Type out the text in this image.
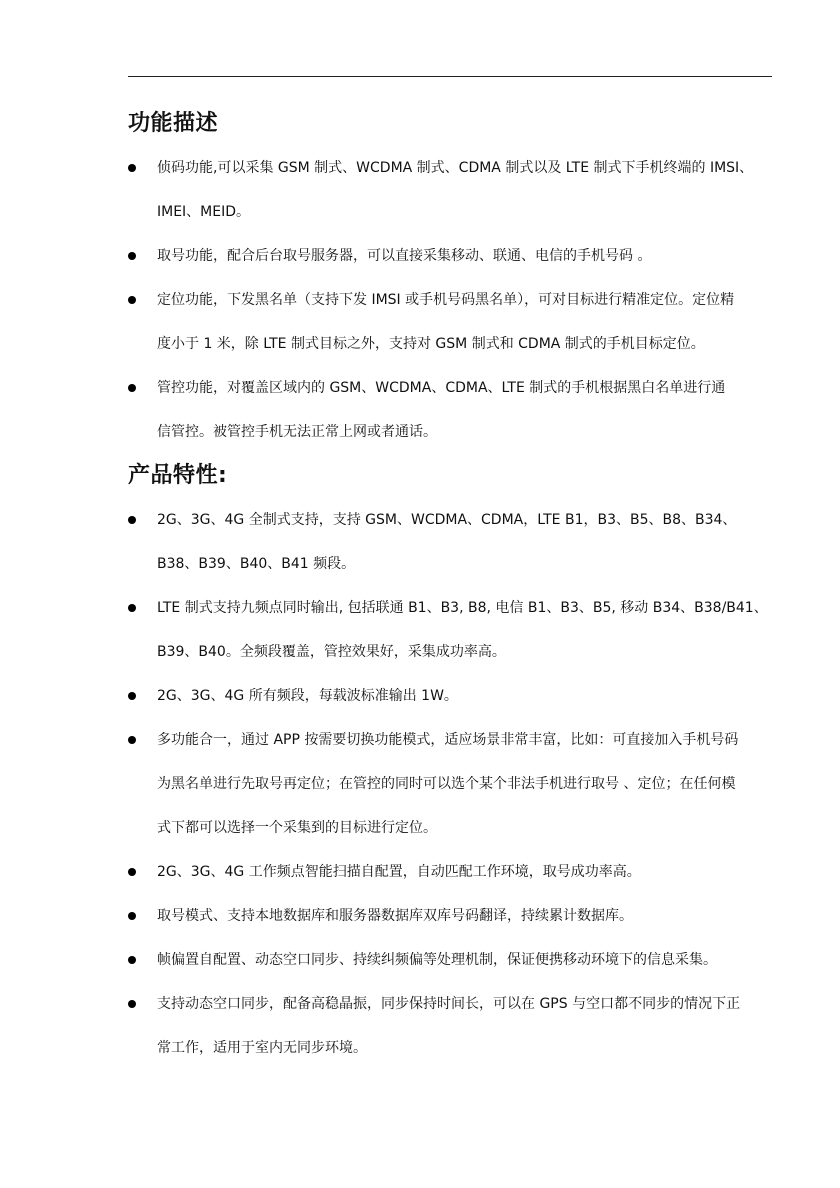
功能描述

侦码功能,可以采集 GSM 制式、WCDMA 制式、CDMA 制式以及 LTE 制式下手机终端的 IMSI、
IMEI、MEID。

取号功能，配合后台取号服务器，可以直接采集移动、联通、电信的手机号码 。

定位功能，下发黑名单（支持下发 IMSI 或手机号码黑名单），可对目标进行精准定位。定位精
度小于 1 米，除 LTE 制式目标之外，支持对 GSM 制式和 CDMA 制式的手机目标定位。

管控功能，对覆盖区域内的 GSM、WCDMA、CDMA、LTE 制式的手机根据黑白名单进行通
信管控。被管控手机无法正常上网或者通话。

产品特性:

2G、3G、4G 全制式支持，支持 GSM、WCDMA、CDMA，LTE B1，B3、B5、B8、B34、
B38、B39、B40、B41 频段。

LTE 制式支持九频点同时输出, 包括联通 B1、B3, B8, 电信 B1、B3、B5, 移动 B34、B38/B41、
B39、B40。全频段覆盖，管控效果好，采集成功率高。

2G、3G、4G 所有频段，每载波标准输出 1W。

多功能合一，通过 APP 按需要切换功能模式，适应场景非常丰富，比如：可直接加入手机号码
为黑名单进行先取号再定位；在管控的同时可以选个某个非法手机进行取号 、定位；在任何模
式下都可以选择一个采集到的目标进行定位。

2G、3G、4G 工作频点智能扫描自配置，自动匹配工作环境，取号成功率高。

取号模式、支持本地数据库和服务器数据库双库号码翻译，持续累计数据库。

帧偏置自配置、动态空口同步、持续纠频偏等处理机制，保证便携移动环境下的信息采集。

支持动态空口同步，配备高稳晶振，同步保持时间长，可以在 GPS 与空口都不同步的情况下正
常工作，适用于室内无同步环境。
